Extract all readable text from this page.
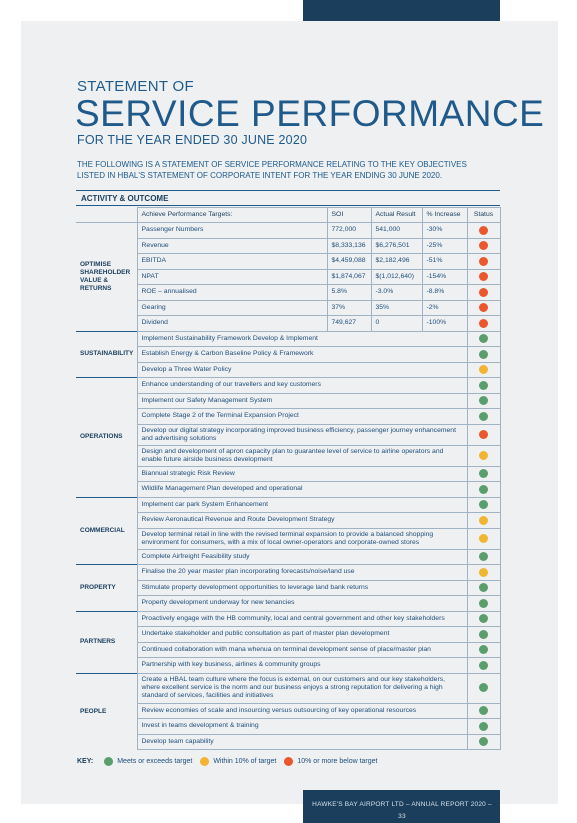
STATEMENT OF
SERVICE PERFORMANCE
FOR THE YEAR ENDED 30 JUNE 2020
THE FOLLOWING IS A STATEMENT OF SERVICE PERFORMANCE RELATING TO THE KEY OBJECTIVES LISTED IN HBAL'S STATEMENT OF CORPORATE INTENT FOR THE YEAR ENDING 30 JUNE 2020.
ACTIVITY & OUTCOME
	Achieve Performance Targets:	SOI	Actual Result	% Increase	Status
OPTIMISE SHAREHOLDER VALUE & RETURNS	Passenger Numbers	772,000	541,000	-30%	
	Revenue	$8,333,136	$6,276,501	-25%	
	EBITDA	$4,459,088	$2,182,496	-51%	
	NPAT	$1,874,067	$(1,012,640)	-154%	
	ROE – annualised	5.8%	-3.0%	-8.8%	
	Gearing	37%	35%	-2%	
	Dividend	749,627	0	-100%	
SUSTAINABILITY	Implement Sustainability Framework Develop & Implement				
	Establish Energy & Carbon Baseline Policy & Framework				
	Develop a Three Water Policy				
OPERATIONS	Enhance understanding of our travellers and key customers				
	Implement our Safety Management System				
	Complete Stage 2 of the Terminal Expansion Project				
	Develop our digital strategy incorporating improved business efficiency, passenger journey enhancement and advertising solutions				
	Design and development of apron capacity plan to guarantee level of service to airline operators and enable future airside business development				
	Biannual strategic Risk Review				
	Wildlife Management Plan developed and operational				
COMMERCIAL	Implement car park System Enhancement				
	Review Aeronautical Revenue and Route Development Strategy				
	Develop terminal retail in line with the revised terminal expansion to provide a balanced shopping environment for consumers, with a mix of local owner-operators and corporate-owned stores				
	Complete Airfreight Feasibility study				
PROPERTY	Finalise the 20 year master plan incorporating forecasts/noise/land use				
	Stimulate property development opportunities to leverage land bank returns				
	Property development underway for new tenancies				
PARTNERS	Proactively engage with the HB community, local and central government and other key stakeholders				
	Undertake stakeholder and public consultation as part of master plan development				
	Continued collaboration with mana whenua on terminal development sense of place/master plan				
	Partnership with key business, airlines & community groups				
PEOPLE	Create a HBAL team culture where the focus is external, on our customers and our key stakeholders, where excellent service is the norm and our business enjoys a strong reputation for delivering a high standard of services, facilities and initiatives				
	Review economies of scale and insourcing versus outsourcing of key operational resources				
	Invest in teams development & training				
	Develop team capability				
KEY:	Meets or exceeds target	Within 10% of target	10% or more below target
HAWKE'S BAY AIRPORT LTD – ANNUAL REPORT 2020 – 33
